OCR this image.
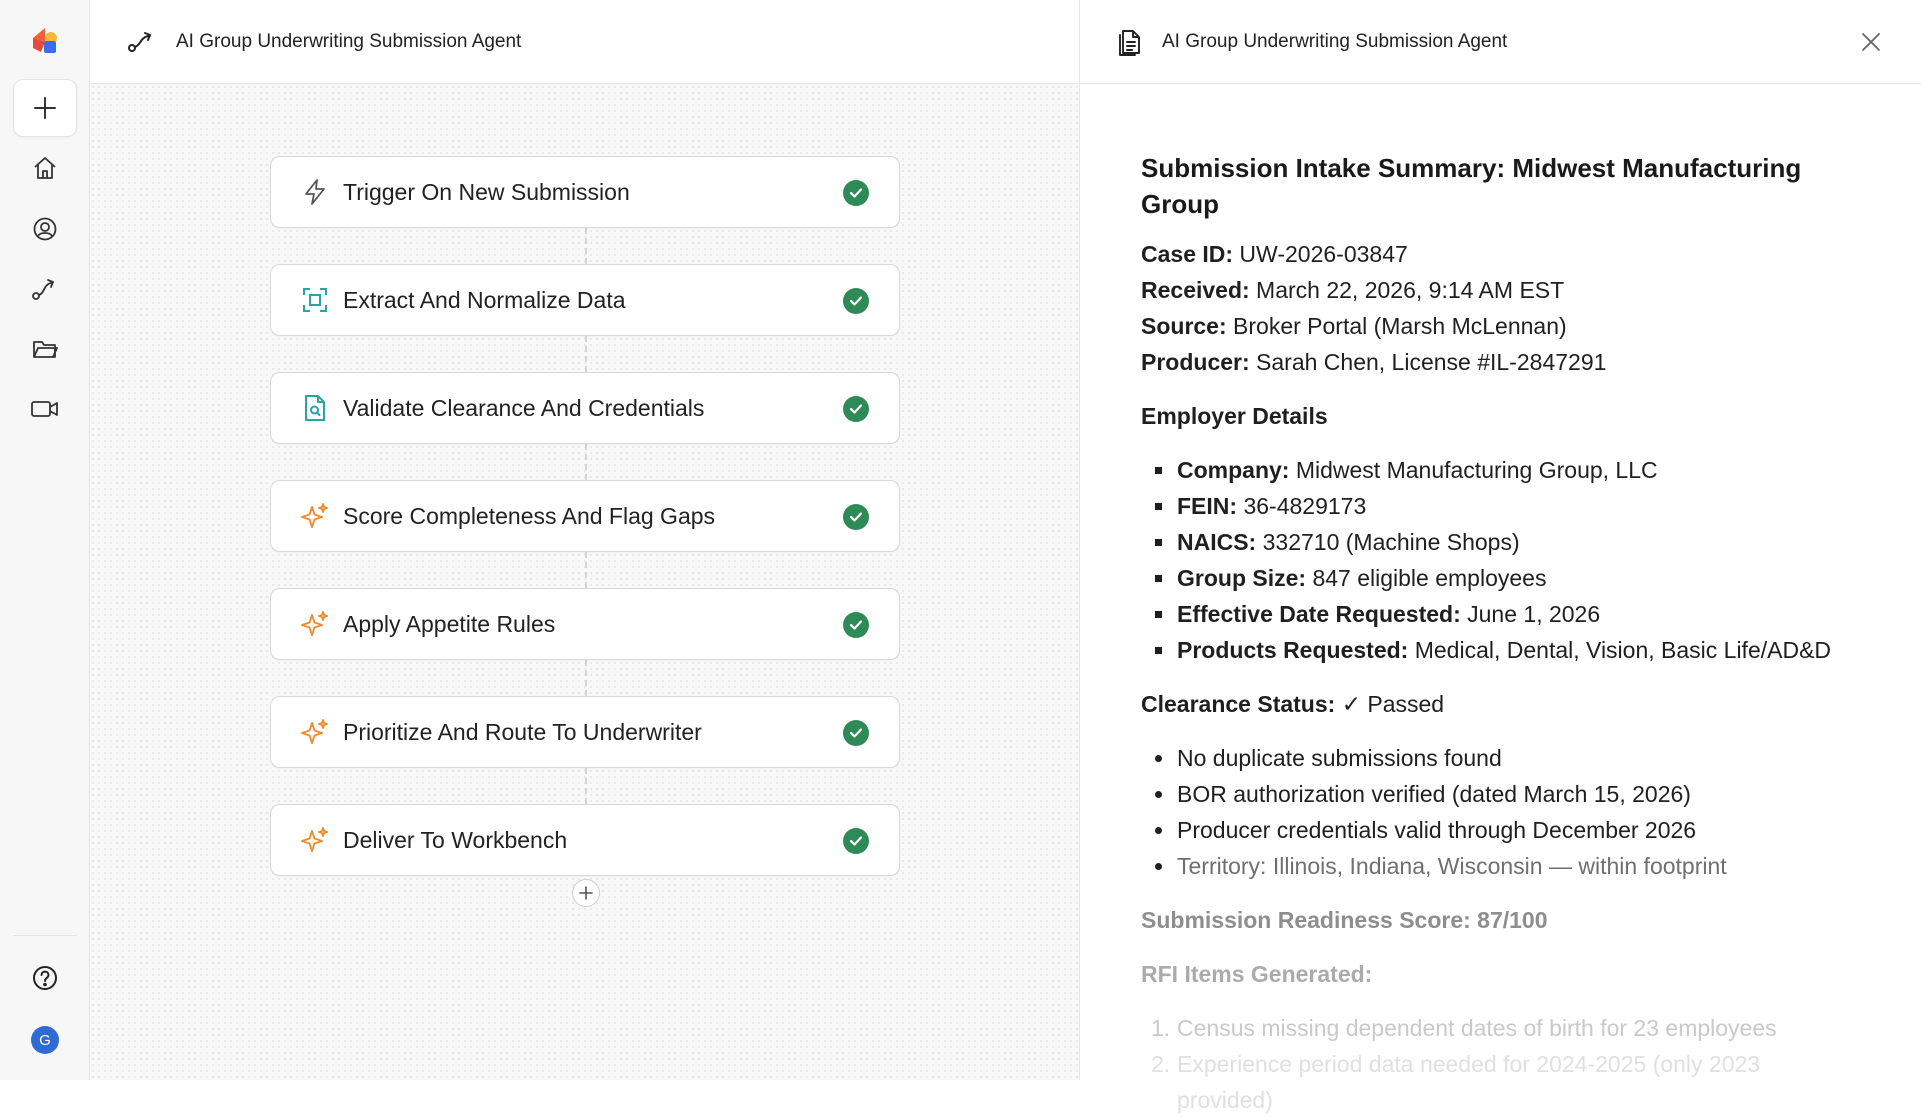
G
AI Group Underwriting Submission Agent
Trigger On New Submission
Extract And Normalize Data
Validate Clearance And Credentials
Score Completeness And Flag Gaps
Apply Appetite Rules
Prioritize And Route To Underwriter
Deliver To Workbench
AI Group Underwriting Submission Agent
Submission Intake Summary: Midwest Manufacturing Group
Case ID: UW-2026-03847
Received: March 22, 2026, 9:14 AM EST
Source: Broker Portal (Marsh McLennan)
Producer: Sarah Chen, License #IL-2847291
Employer Details
Company: Midwest Manufacturing Group, LLC
FEIN: 36-4829173
NAICS: 332710 (Machine Shops)
Group Size: 847 eligible employees
Effective Date Requested: June 1, 2026
Products Requested: Medical, Dental, Vision, Basic Life/AD&D
Clearance Status: ✓ Passed
No duplicate submissions found
BOR authorization verified (dated March 15, 2026)
Producer credentials valid through December 2026
Territory: Illinois, Indiana, Wisconsin — within footprint
Submission Readiness Score: 87/100
RFI Items Generated:
1. Census missing dependent dates of birth for 23 employees
2. Experience period data needed for 2024-2025 (only 2023
provided)
